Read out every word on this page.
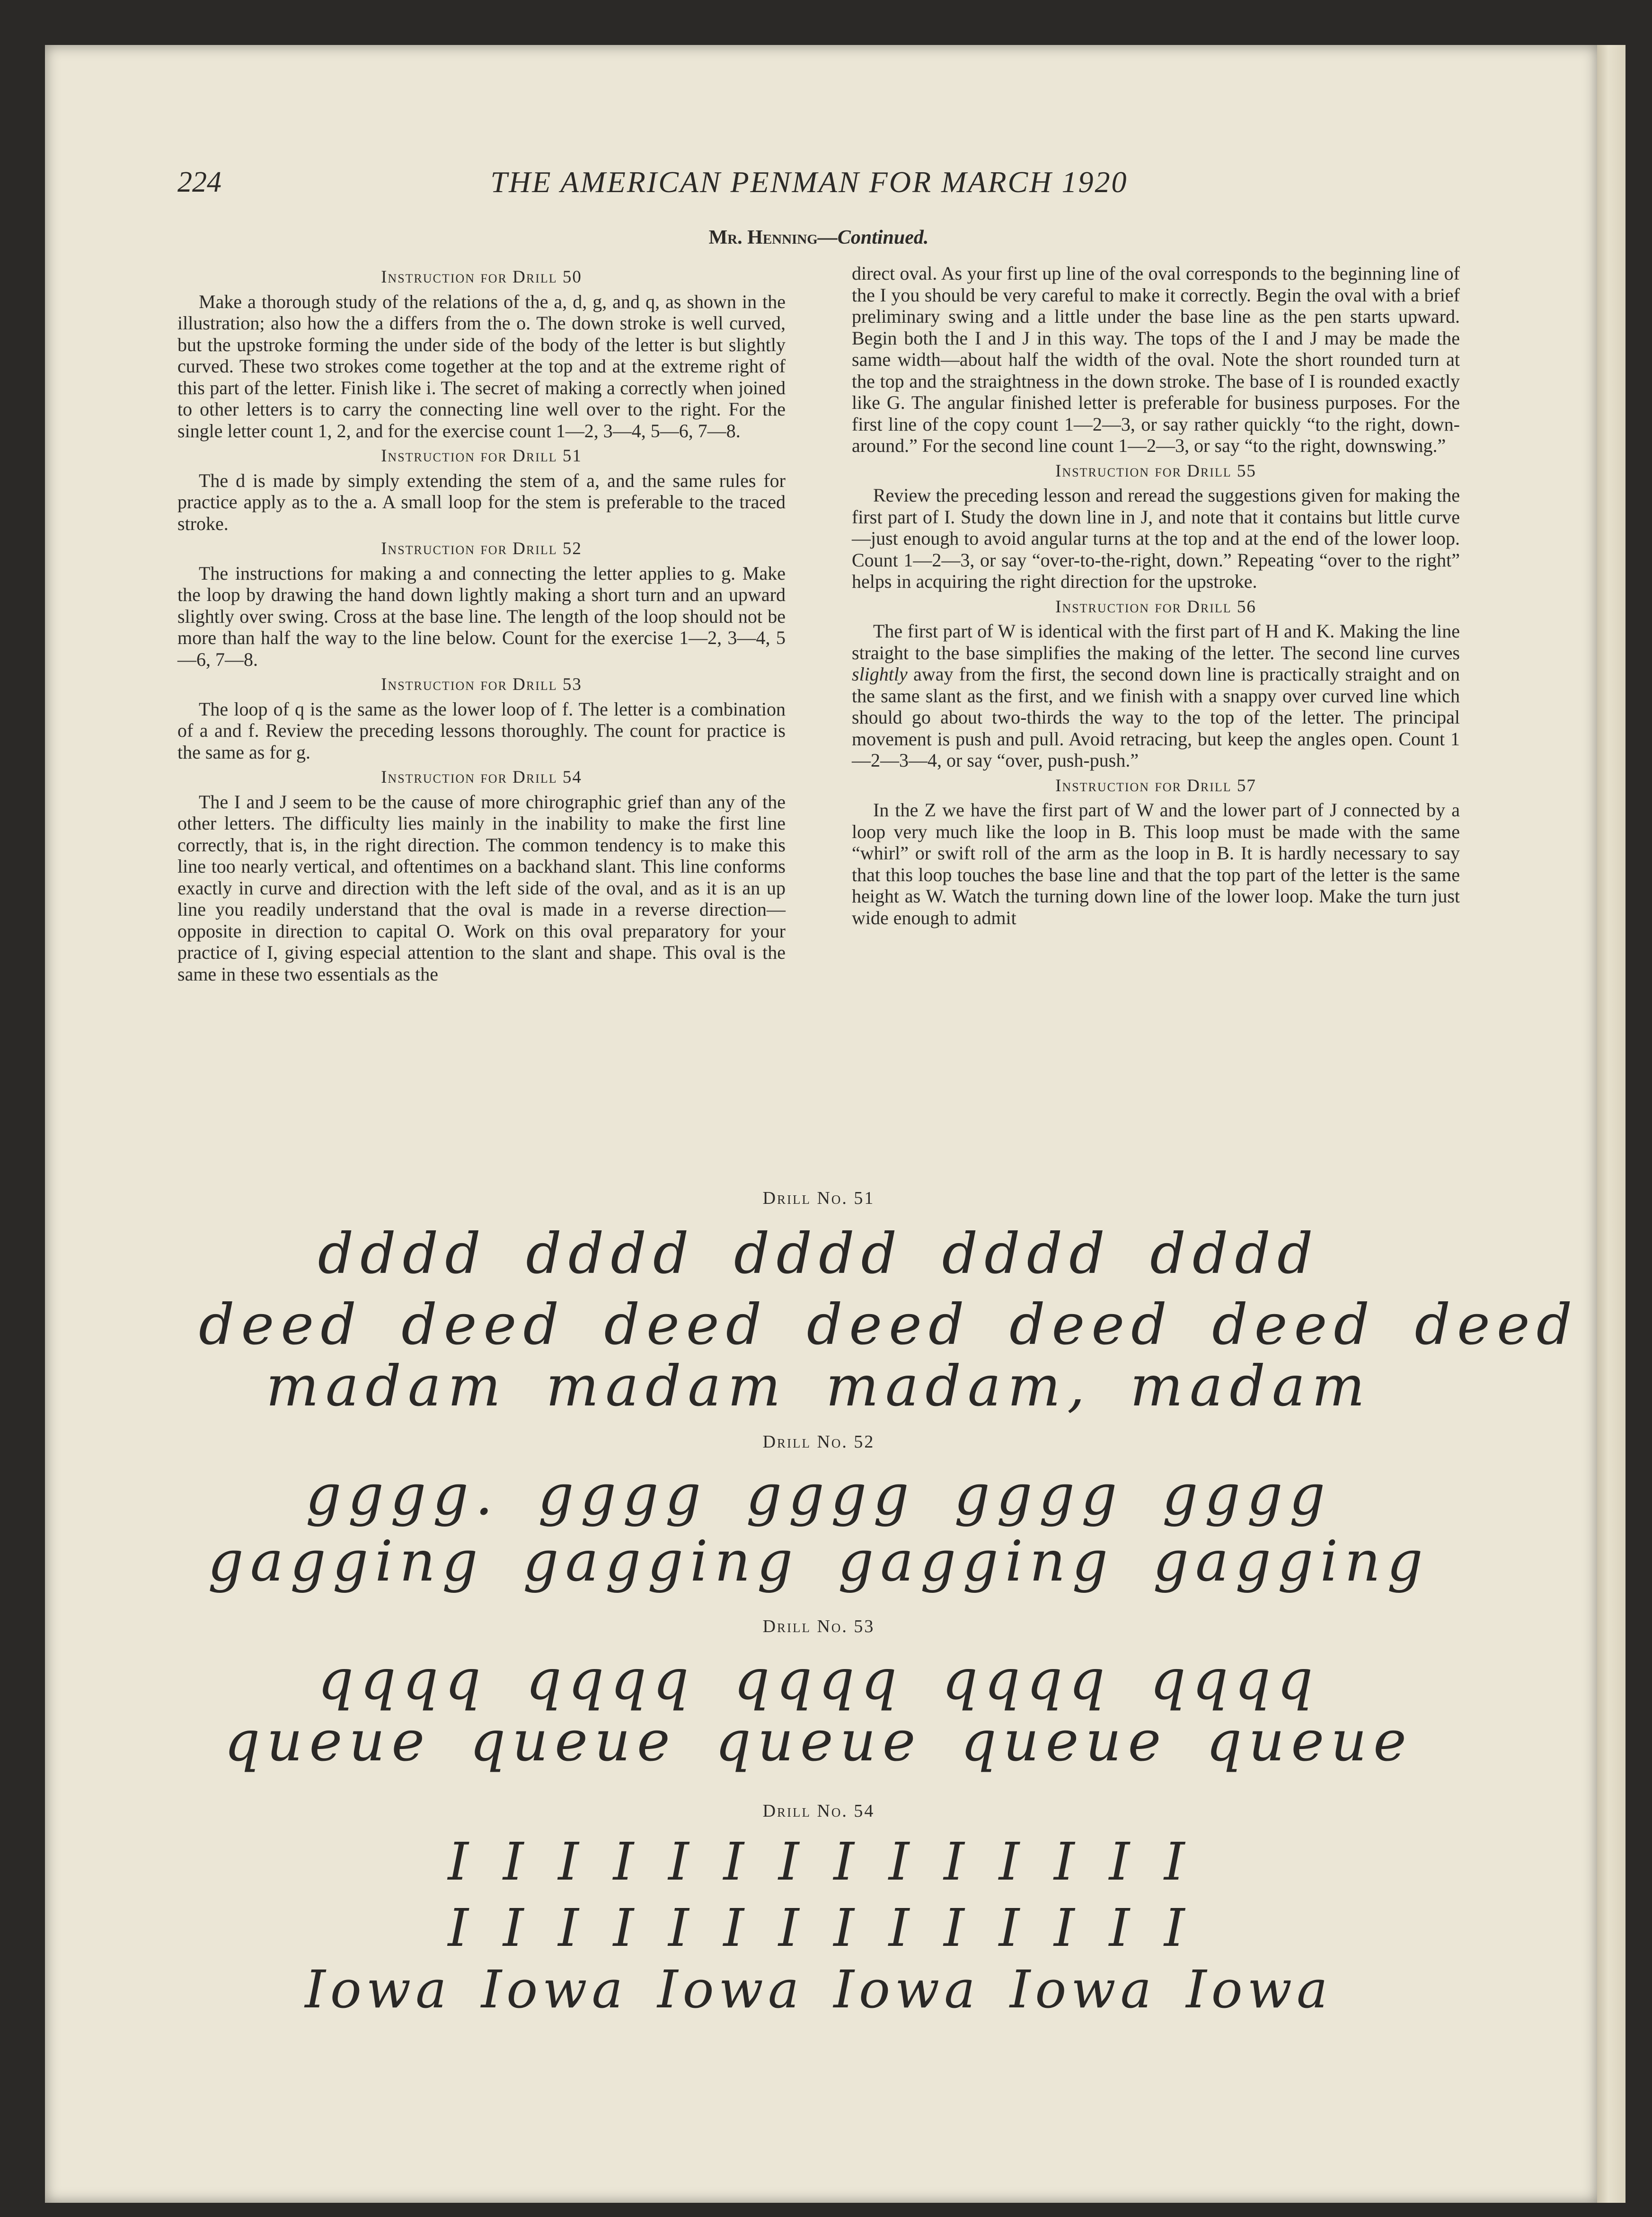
224	THE AMERICAN PENMAN FOR MARCH 1920
Mr. Henning—Continued.
Instruction for Drill 50

Make a thorough study of the relations of the a, d, g, and q, as shown in the illustration; also how the a differs from the o. The down stroke is well curved, but the upstroke forming the under side of the body of the letter is but slightly curved. These two strokes come together at the top and at the extreme right of this part of the letter. Finish like i. The secret of making a correctly when joined to other letters is to carry the connecting line well over to the right. For the single letter count 1, 2, and for the exercise count 1—2, 3—4, 5—6, 7—8.

Instruction for Drill 51

The d is made by simply extending the stem of a, and the same rules for practice apply as to the a. A small loop for the stem is preferable to the traced stroke.

Instruction for Drill 52

The instructions for making a and connecting the letter applies to g. Make the loop by drawing the hand down lightly making a short turn and an upward slightly over swing. Cross at the base line. The length of the loop should not be more than half the way to the line below. Count for the exercise 1—2, 3—4, 5—6, 7—8.

Instruction for Drill 53

The loop of q is the same as the lower loop of f. The letter is a combination of a and f. Review the preceding lessons thoroughly. The count for practice is the same as for g.

Instruction for Drill 54

The I and J seem to be the cause of more chirographic grief than any of the other letters. The difficulty lies mainly in the inability to make the first line correctly, that is, in the right direction. The common tendency is to make this line too nearly vertical, and oftentimes on a backhand slant. This line conforms exactly in curve and direction with the left side of the oval, and as it is an up line you readily understand that the oval is made in a reverse direction—opposite in direction to capital O. Work on this oval preparatory for your practice of I, giving especial attention to the slant and shape. This oval is the same in these two essentials as the

direct oval. As your first up line of the oval corresponds to the beginning line of the I you should be very careful to make it correctly. Begin the oval with a brief preliminary swing and a little under the base line as the pen starts upward. Begin both the I and J in this way. The tops of the I and J may be made the same width—about half the width of the oval. Note the short rounded turn at the top and the straightness in the down stroke. The base of I is rounded exactly like G. The angular finished letter is preferable for business purposes. For the first line of the copy count 1—2—3, or say rather quickly “to the right, down-around.” For the second line count 1—2—3, or say “to the right, downswing.”

Instruction for Drill 55

Review the preceding lesson and reread the suggestions given for making the first part of I. Study the down line in J, and note that it contains but little curve—just enough to avoid angular turns at the top and at the end of the lower loop. Count 1—2—3, or say “over-to-the-right, down.” Repeating “over to the right” helps in acquiring the right direction for the upstroke.

Instruction for Drill 56

The first part of W is identical with the first part of H and K. Making the line straight to the base simplifies the making of the letter. The second line curves slightly away from the first, the second down line is practically straight and on the same slant as the first, and we finish with a snappy over curved line which should go about two-thirds the way to the top of the letter. The principal movement is push and pull. Avoid retracing, but keep the angles open. Count 1—2—3—4, or say “over, push-push.”

Instruction for Drill 57

In the Z we have the first part of W and the lower part of J connected by a loop very much like the loop in B. This loop must be made with the same “whirl” or swift roll of the arm as the loop in B. It is hardly necessary to say that this loop touches the base line and that the top part of the letter is the same height as W. Watch the turning down line of the lower loop. Make the turn just wide enough to admit

Drill No. 51
dddd dddd dddd dddd dddd
deed deed deed deed deed deed deed
madam madam madam, madam
Drill No. 52
gggg. gggg gggg gggg gggg
gagging gagging gagging gagging
Drill No. 53
qqqq qqqq qqqq qqqq qqqq
queue queue queue queue queue
Drill No. 54
I I I I I I I I I I I I I I
I I I I I I I I I I I I I I
Iowa Iowa Iowa Iowa Iowa Iowa
